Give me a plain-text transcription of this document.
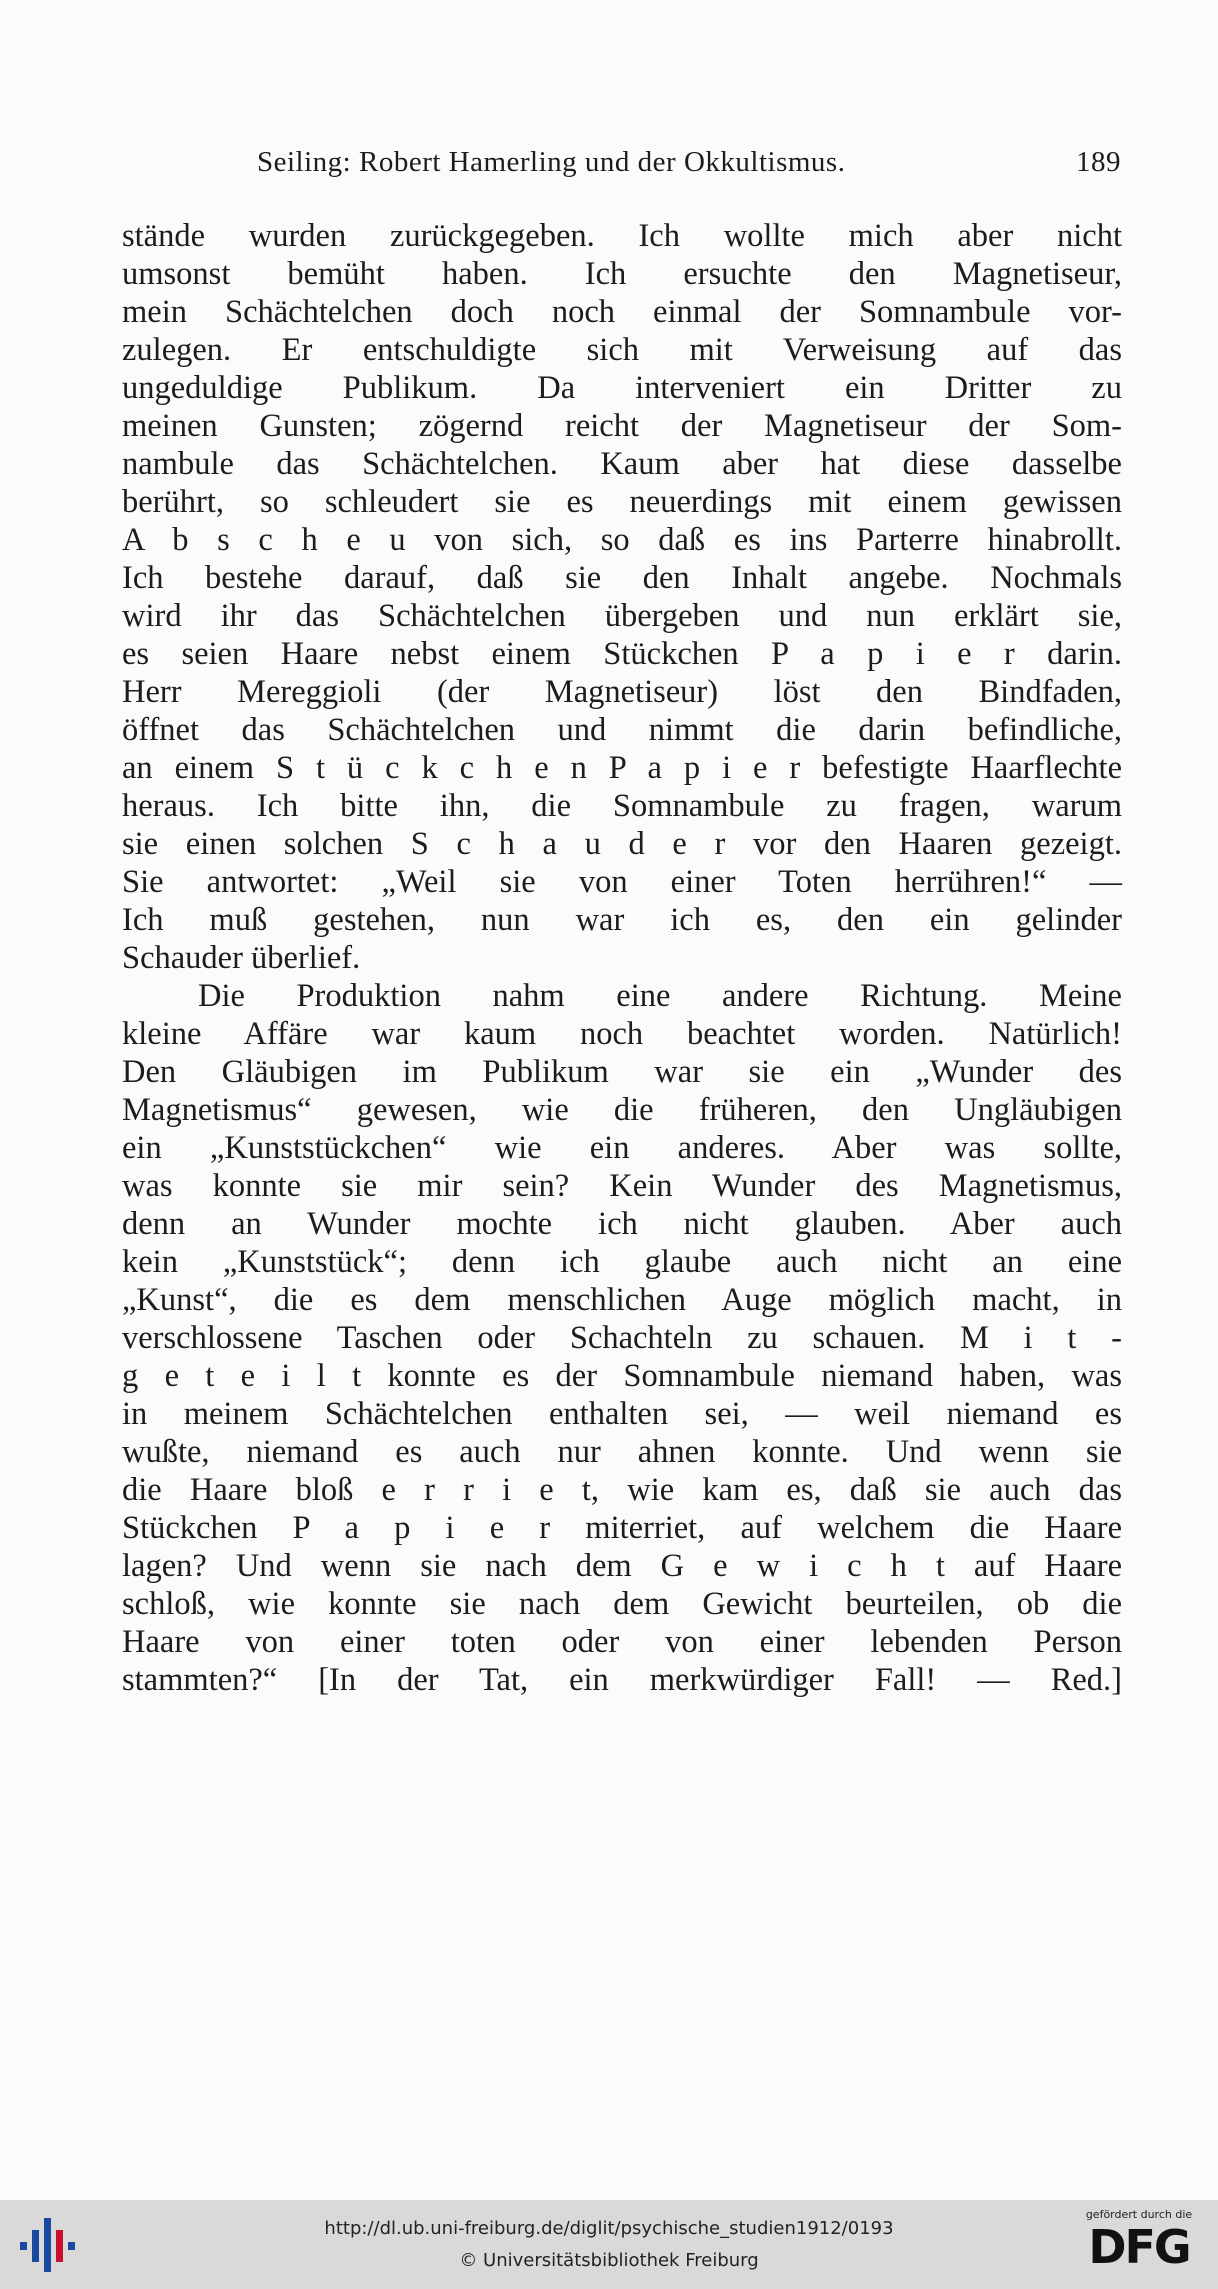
Seiling: Robert Hamerling und der Okkultismus.	189
stände wurden zurückgegeben. Ich wollte mich aber nicht
umsonst bemüht haben. Ich ersuchte den Magnetiseur,
mein Schächtelchen doch noch einmal der Somnambule vor-
zulegen. Er entschuldigte sich mit Verweisung auf das
ungeduldige Publikum. Da interveniert ein Dritter zu
meinen Gunsten; zögernd reicht der Magnetiseur der Som-
nambule das Schächtelchen. Kaum aber hat diese dasselbe
berührt, so schleudert sie es neuerdings mit einem gewissen
A b s c h e u von sich, so daß es ins Parterre hinabrollt.
Ich bestehe darauf, daß sie den Inhalt angebe. Nochmals
wird ihr das Schächtelchen übergeben und nun erklärt sie,
es seien Haare nebst einem Stückchen P a p i e r darin.
Herr Mereggioli (der Magnetiseur) löst den Bindfaden,
öffnet das Schächtelchen und nimmt die darin befindliche,
an einem S t ü c k c h e n P a p i e r befestigte Haarflechte
heraus. Ich bitte ihn, die Somnambule zu fragen, warum
sie einen solchen S c h a u d e r vor den Haaren gezeigt.
Sie antwortet: „Weil sie von einer Toten herrühren!“ —
Ich muß gestehen, nun war ich es, den ein gelinder
Schauder überlief.
Die Produktion nahm eine andere Richtung. Meine
kleine Affäre war kaum noch beachtet worden. Natürlich!
Den Gläubigen im Publikum war sie ein „Wunder des
Magnetismus“ gewesen, wie die früheren, den Ungläubigen
ein „Kunststückchen“ wie ein anderes. Aber was sollte,
was konnte sie mir sein? Kein Wunder des Magnetismus,
denn an Wunder mochte ich nicht glauben. Aber auch
kein „Kunststück“; denn ich glaube auch nicht an eine
„Kunst“, die es dem menschlichen Auge möglich macht, in
verschlossene Taschen oder Schachteln zu schauen. M i t -
g e t e i l t konnte es der Somnambule niemand haben, was
in meinem Schächtelchen enthalten sei, — weil niemand es
wußte, niemand es auch nur ahnen konnte. Und wenn sie
die Haare bloß e r r i e t, wie kam es, daß sie auch das
Stückchen P a p i e r miterriet, auf welchem die Haare
lagen? Und wenn sie nach dem G e w i c h t auf Haare
schloß, wie konnte sie nach dem Gewicht beurteilen, ob die
Haare von einer toten oder von einer lebenden Person
stammten?“ [In der Tat, ein merkwürdiger Fall! — Red.]
http://dl.ub.uni-freiburg.de/diglit/psychische_studien1912/0193
© Universitätsbibliothek Freiburg
gefördert durch die
DFG
